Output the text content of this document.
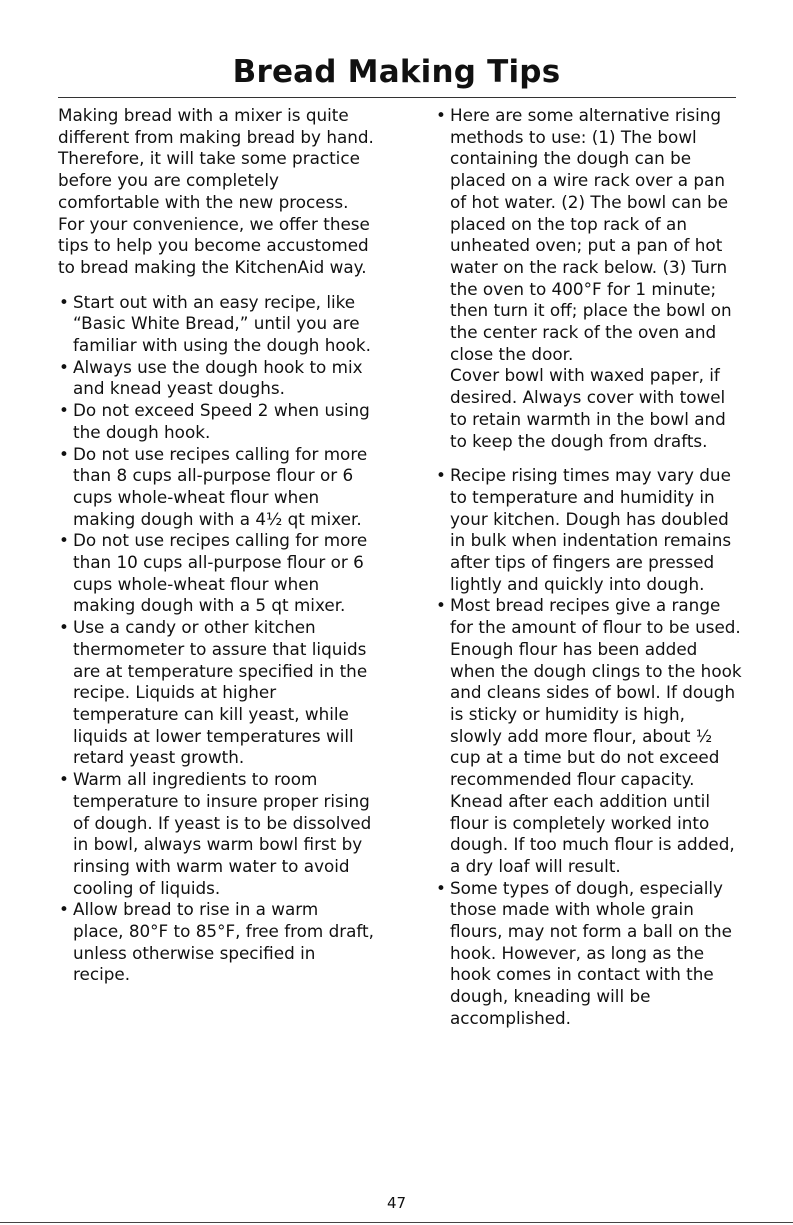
Bread Making Tips

Making bread with a mixer is quite different from making bread by hand. Therefore, it will take some practice before you are completely comfortable with the new process. For your convenience, we offer these tips to help you become accustomed to bread making the KitchenAid way.

• Start out with an easy recipe, like “Basic White Bread,” until you are familiar with using the dough hook.

• Always use the dough hook to mix and knead yeast doughs.

• Do not exceed Speed 2 when using the dough hook.

• Do not use recipes calling for more than 8 cups all-purpose flour or 6 cups whole-wheat flour when making dough with a 4½ qt mixer.

• Do not use recipes calling for more than 10 cups all-purpose flour or 6 cups whole-wheat flour when making dough with a 5 qt mixer.

• Use a candy or other kitchen thermometer to assure that liquids are at temperature specified in the recipe. Liquids at higher temperature can kill yeast, while liquids at lower temperatures will retard yeast growth.

• Warm all ingredients to room temperature to insure proper rising of dough. If yeast is to be dissolved in bowl, always warm bowl first by rinsing with warm water to avoid cooling of liquids.

• Allow bread to rise in a warm place, 80°F to 85°F, free from draft, unless otherwise specified in recipe.

• Here are some alternative rising methods to use: (1) The bowl containing the dough can be placed on a wire rack over a pan of hot water. (2) The bowl can be placed on the top rack of an unheated oven; put a pan of hot water on the rack below. (3) Turn the oven to 400°F for 1 minute; then turn it off; place the bowl on the center rack of the oven and close the door.

Cover bowl with waxed paper, if desired. Always cover with towel to retain warmth in the bowl and to keep the dough from drafts.

• Recipe rising times may vary due to temperature and humidity in your kitchen. Dough has doubled in bulk when indentation remains after tips of fingers are pressed lightly and quickly into dough.

• Most bread recipes give a range for the amount of flour to be used. Enough flour has been added when the dough clings to the hook and cleans sides of bowl. If dough is sticky or humidity is high, slowly add more flour, about ½ cup at a time but do not exceed recommended flour capacity. Knead after each addition until flour is completely worked into dough. If too much flour is added, a dry loaf will result.

• Some types of dough, especially those made with whole grain flours, may not form a ball on the hook. However, as long as the hook comes in contact with the dough, kneading will be accomplished.

47
